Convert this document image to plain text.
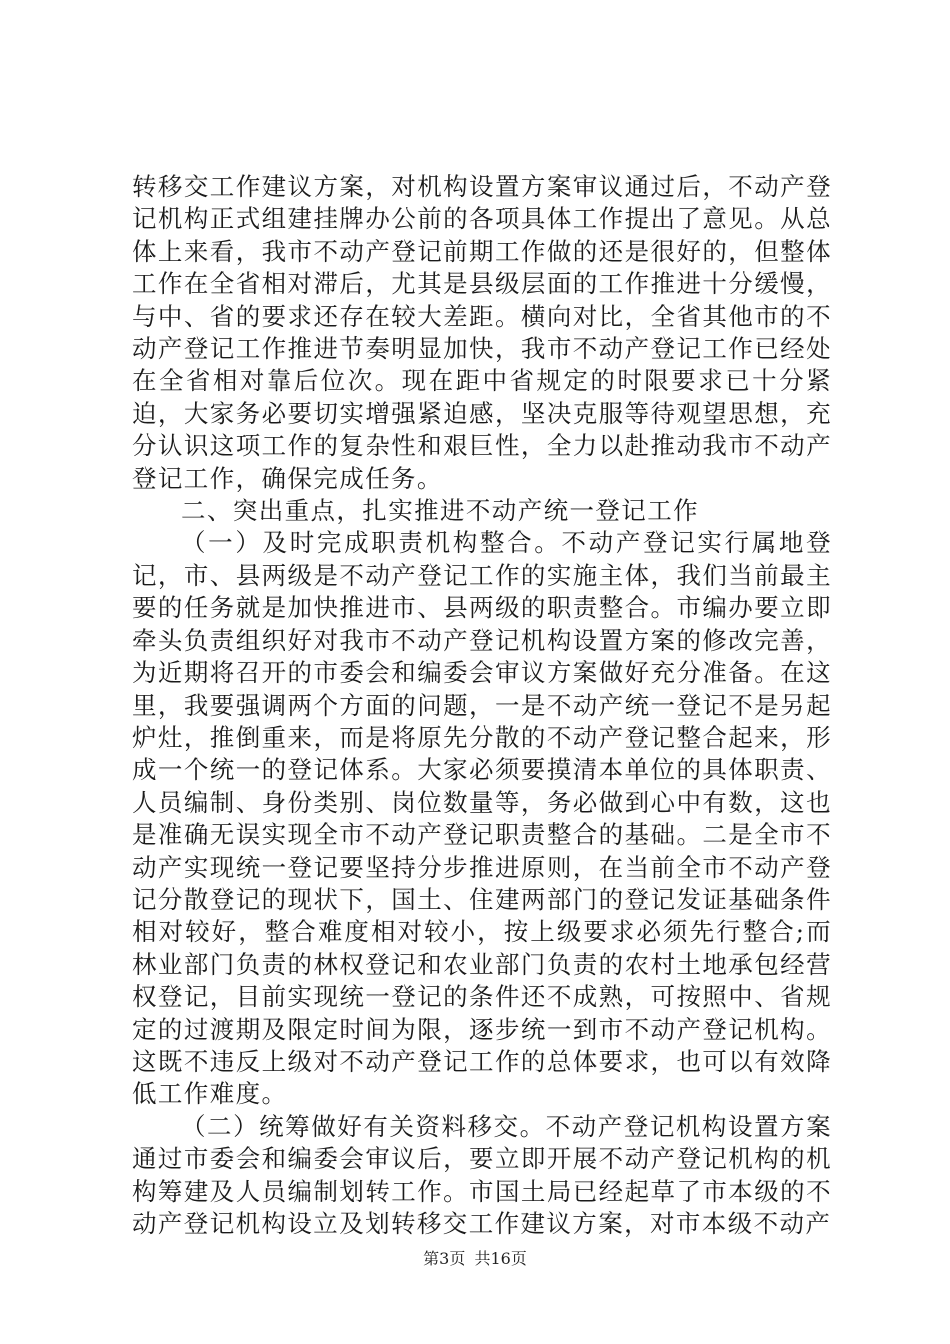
转移交工作建议方案，对机构设置方案审议通过后，不动产登记机构正式组建挂牌办公前的各项具体工作提出了意见。从总体上来看，我市不动产登记前期工作做的还是很好的，但整体工作在全省相对滞后，尤其是县级层面的工作推进十分缓慢，与中、省的要求还存在较大差距。横向对比，全省其他市的不动产登记工作推进节奏明显加快，我市不动产登记工作已经处在全省相对靠后位次。现在距中省规定的时限要求已十分紧迫，大家务必要切实增强紧迫感，坚决克服等待观望思想，充分认识这项工作的复杂性和艰巨性，全力以赴推动我市不动产登记工作，确保完成任务。

二、突出重点，扎实推进不动产统一登记工作

（一）及时完成职责机构整合。不动产登记实行属地登记，市、县两级是不动产登记工作的实施主体，我们当前最主要的任务就是加快推进市、县两级的职责整合。市编办要立即牵头负责组织好对我市不动产登记机构设置方案的修改完善，为近期将召开的市委会和编委会审议方案做好充分准备。在这里，我要强调两个方面的问题，一是不动产统一登记不是另起炉灶，推倒重来，而是将原先分散的不动产登记整合起来，形成一个统一的登记体系。大家必须要摸清本单位的具体职责、人员编制、身份类别、岗位数量等，务必做到心中有数，这也是准确无误实现全市不动产登记职责整合的基础。二是全市不动产实现统一登记要坚持分步推进原则，在当前全市不动产登记分散登记的现状下，国土、住建两部门的登记发证基础条件相对较好，整合难度相对较小，按上级要求必须先行整合;而林业部门负责的林权登记和农业部门负责的农村土地承包经营权登记，目前实现统一登记的条件还不成熟，可按照中、省规定的过渡期及限定时间为限，逐步统一到市不动产登记机构。这既不违反上级对不动产登记工作的总体要求，也可以有效降低工作难度。

（二）统筹做好有关资料移交。不动产登记机构设置方案通过市委会和编委会审议后，要立即开展不动产登记机构的机构筹建及人员编制划转工作。市国土局已经起草了市本级的不动产登记机构设立及划转移交工作建议方案，对市本级不动产

第3页 共16页
